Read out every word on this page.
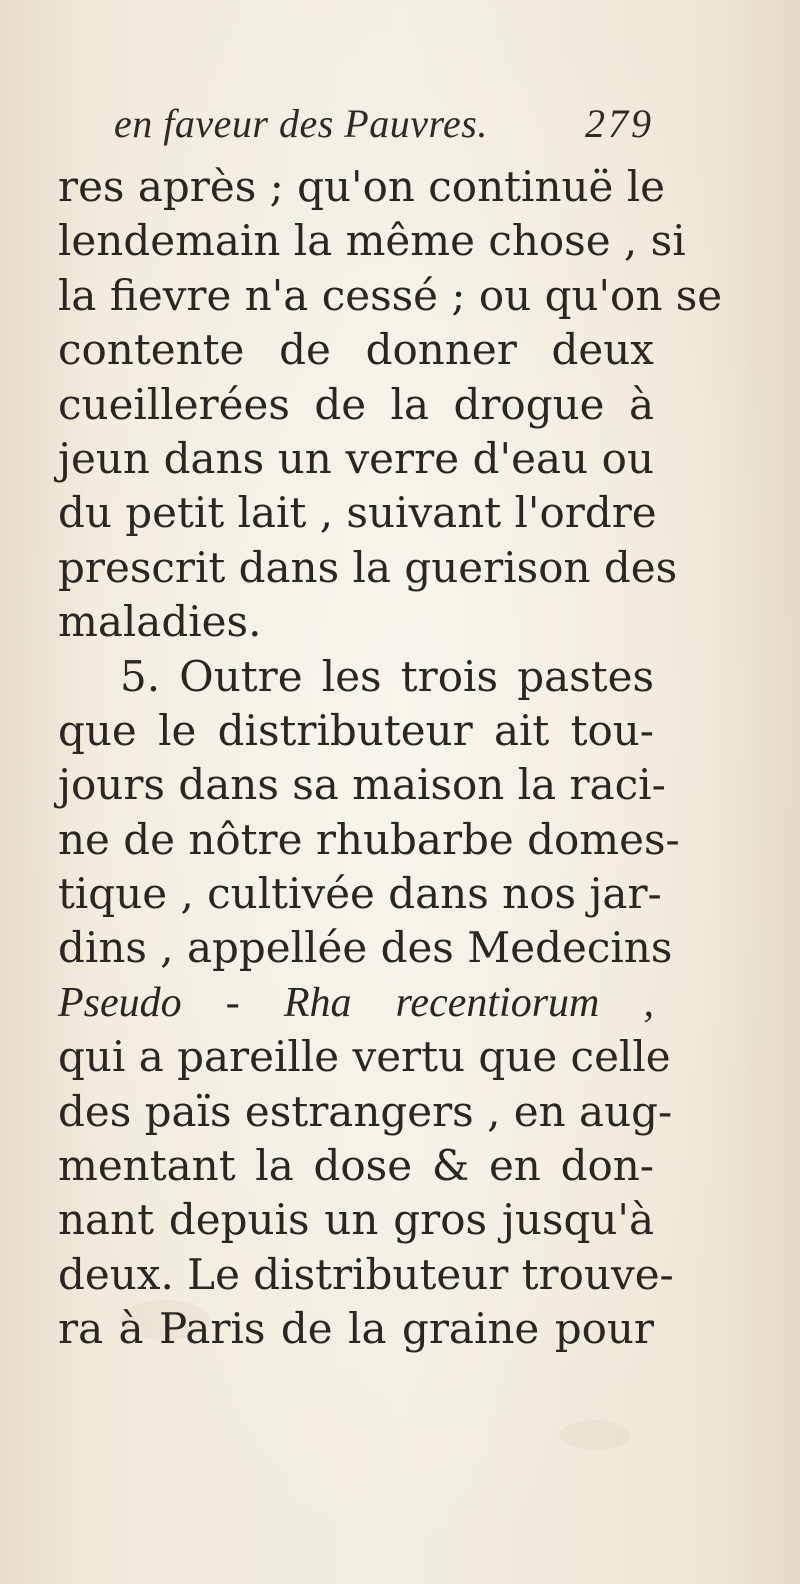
en faveur des Pauvres. 279
res après ; qu'on continuë le
lendemain la même chose , si
la fievre n'a cessé ; ou qu'on se
contente de donner deux
cueillerées de la drogue à
jeun dans un verre d'eau ou
du petit lait , suivant l'ordre
prescrit dans la guerison des
maladies.
5. Outre les trois pastes
que le distributeur ait tou-
jours dans sa maison la raci-
ne de nôtre rhubarbe domes-
tique , cultivée dans nos jar-
dins , appellée des Medecins
Pseudo - Rha recentiorum ,
qui a pareille vertu que celle
des païs estrangers , en aug-
mentant la dose & en don-
nant depuis un gros jusqu'à
deux. Le distributeur trouve-
ra à Paris de la graine pour
